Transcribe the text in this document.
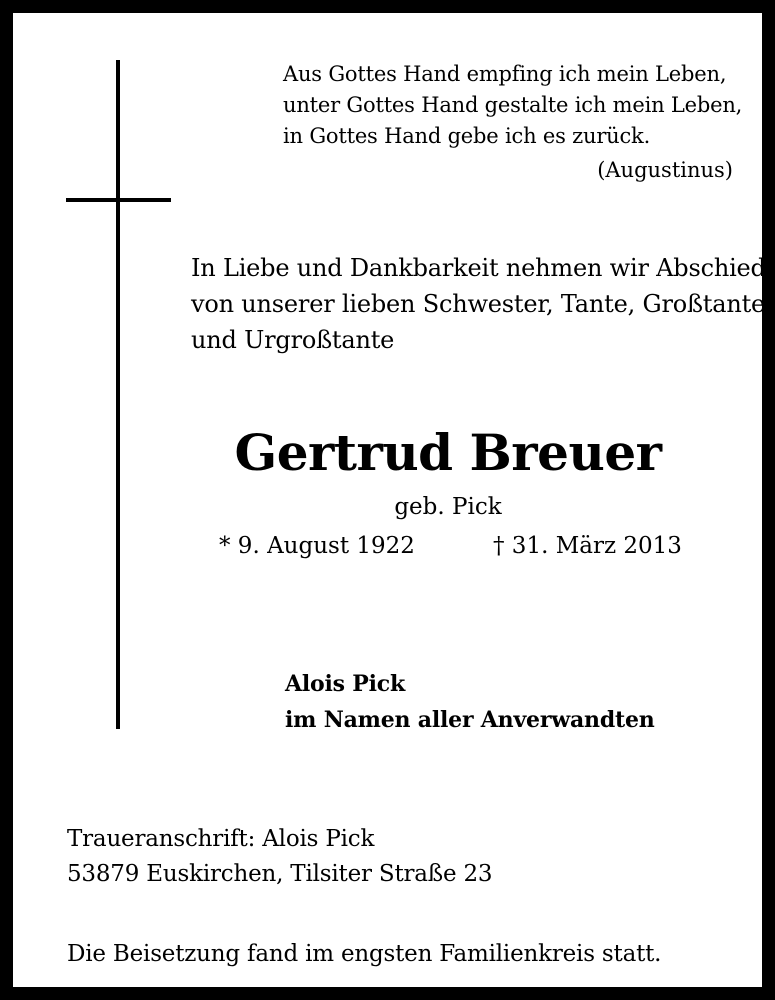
Aus Gottes Hand empfing ich mein Leben,
unter Gottes Hand gestalte ich mein Leben,
in Gottes Hand gebe ich es zurück.
(Augustinus)
In Liebe und Dankbarkeit nehmen wir Abschied
von unserer lieben Schwester, Tante, Großtante
und Urgroßtante
Gertrud Breuer
geb. Pick
* 9. August 1922	† 31. März 2013
Alois Pick
im Namen aller Anverwandten
Traueranschrift: Alois Pick
53879 Euskirchen, Tilsiter Straße 23
Die Beisetzung fand im engsten Familienkreis statt.
